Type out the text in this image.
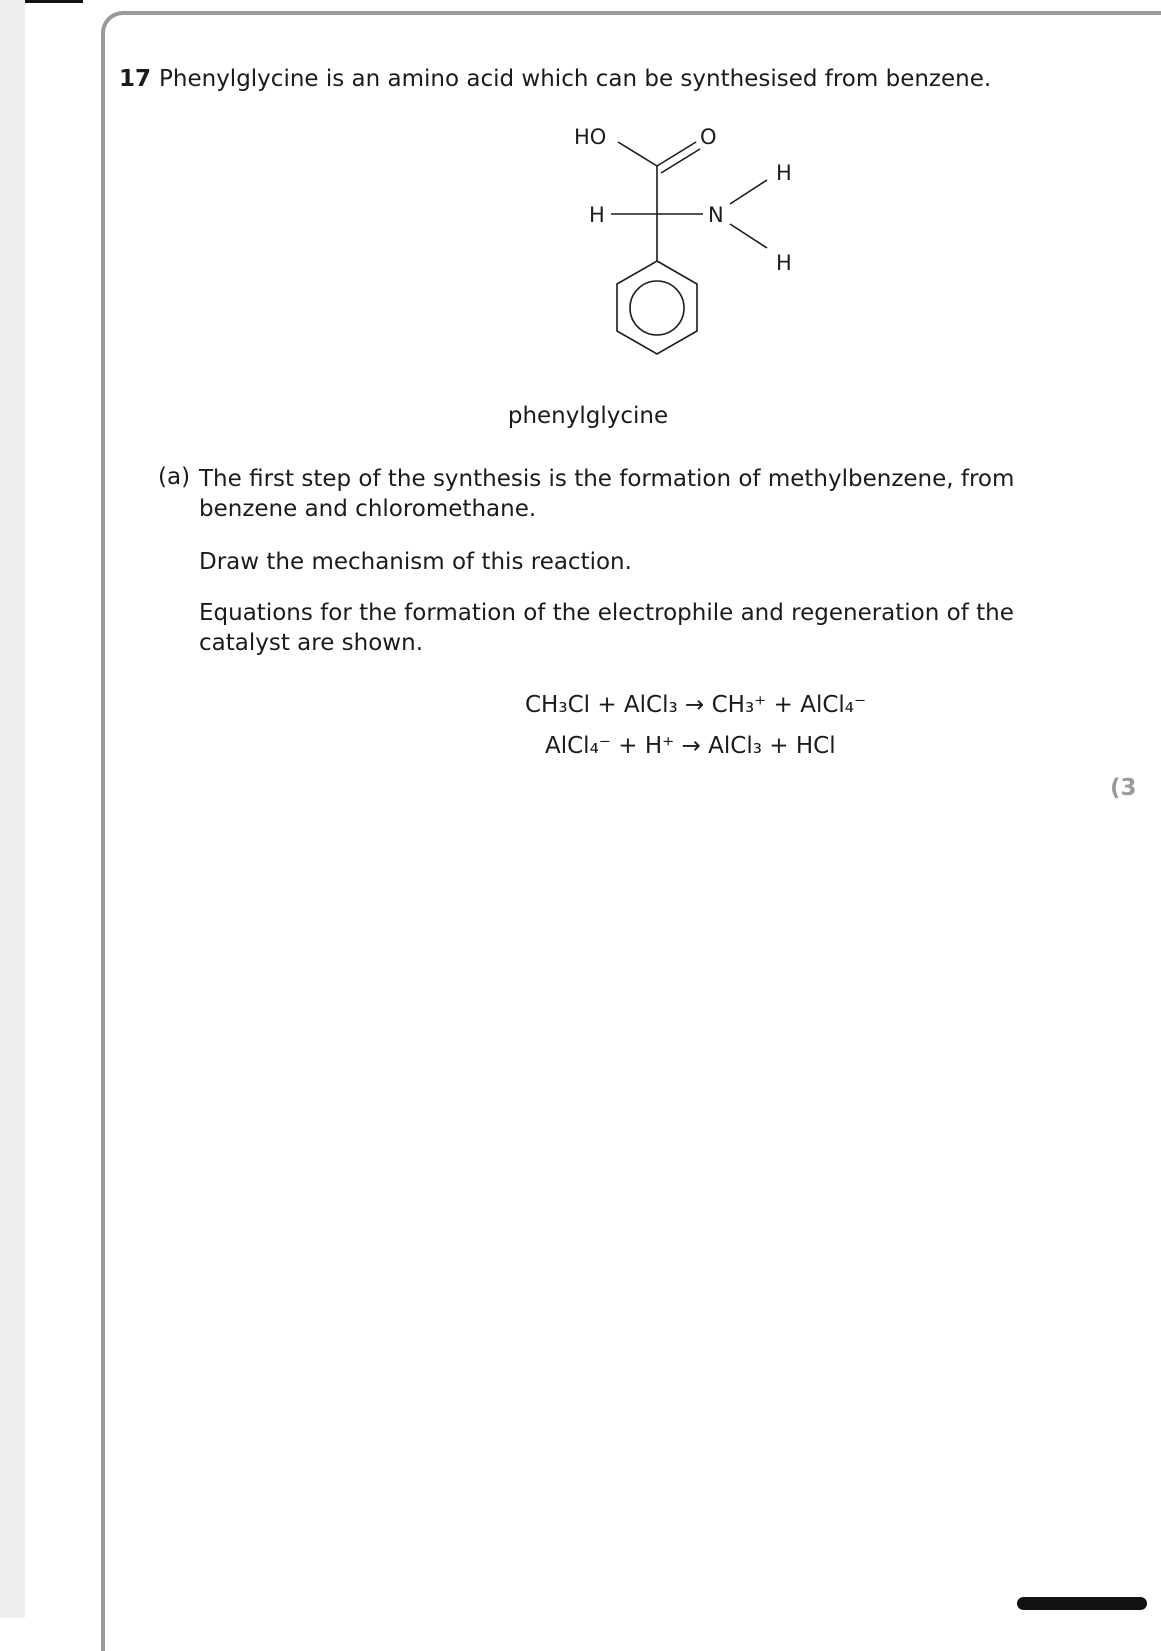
17 Phenylglycine is an amino acid which can be synthesised from benzene.
HO	O
H	N
H
H
phenylglycine
(a) The first step of the synthesis is the formation of methylbenzene, from benzene and chloromethane.
Draw the mechanism of this reaction.
Equations for the formation of the electrophile and regeneration of the catalyst are shown.
CH₃Cl + AlCl₃ → CH₃⁺ + AlCl₄⁻
AlCl₄⁻ + H⁺ → AlCl₃ + HCl
(3
